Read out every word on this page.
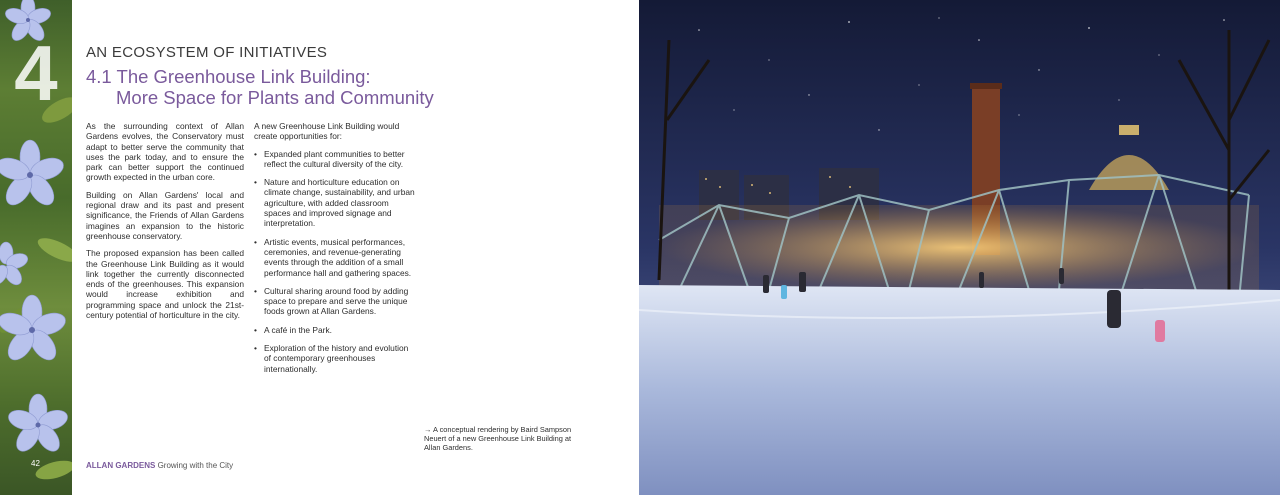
4
42
AN ECOSYSTEM OF INITIATIVES
4.1 The Greenhouse Link Building:
More Space for Plants and Community

As the surrounding context of Allan Gardens evolves, the Conservatory must adapt to better serve the community that uses the park today, and to ensure the park can better support the continued growth expected in the urban core.

Building on Allan Gardens' local and regional draw and its past and present significance, the Friends of Allan Gardens imagines an expansion to the historic greenhouse conservatory.

The proposed expansion has been called the Greenhouse Link Building as it would link together the currently disconnected ends of the greenhouses. This expansion would increase exhibition and programming space and unlock the 21st-century potential of horticulture in the city.

A new Greenhouse Link Building would create opportunities for:

• Expanded plant communities to better reflect the cultural diversity of the city.
• Nature and horticulture education on climate change, sustainability, and urban agriculture, with added classroom spaces and improved signage and interpretation.
• Artistic events, musical performances, ceremonies, and revenue-generating events through the addition of a small performance hall and gathering spaces.
• Cultural sharing around food by adding space to prepare and serve the unique foods grown at Allan Gardens.
• A café in the Park.
• Exploration of the history and evolution of contemporary greenhouses internationally.
→ A conceptual rendering by Baird Sampson Neuert of a new Greenhouse Link Building at Allan Gardens.
ALLAN GARDENS Growing with the City
